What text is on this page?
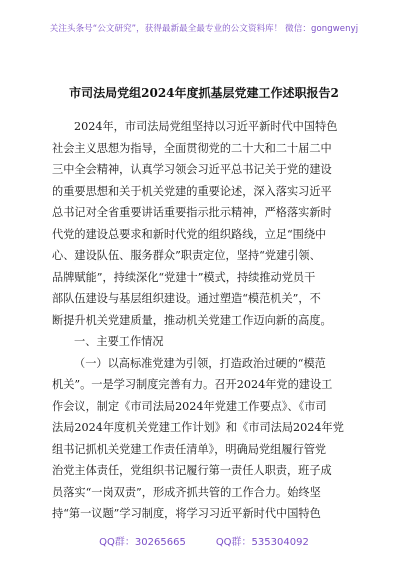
关注头条号“公文研究”，获得最新最全最专业的公文资料库！ 微信：gongwenyj
市司法局党组2024年度抓基层党建工作述职报告2
2024年，市司法局党组坚持以习近平新时代中国特色
社会主义思想为指导，全面贯彻党的二十大和二十届二中
三中全会精神，认真学习领会习近平总书记关于党的建设
的重要思想和关于机关党建的重要论述，深入落实习近平
总书记对全省重要讲话重要指示批示精神，严格落实新时
代党的建设总要求和新时代党的组织路线，立足“围绕中
心、建设队伍、服务群众”职责定位，坚持“党建引领、
品牌赋能”，持续深化“党建十”模式，持续推动党员干
部队伍建设与基层组织建设。通过塑造“模范机关”，不
断提升机关党建质量，推动机关党建工作迈向新的高度。
一、主要工作情况
（一）以高标准党建为引领，打造政治过硬的“模范
机关”。一是学习制度完善有力。召开2024年党的建设工
作会议，制定《市司法局2024年党建工作要点》、《市司
法局2024年度机关党建工作计划》和《市司法局2024年党
组书记抓机关党建工作责任清单》，明确局党组履行管党
治党主体责任，党组织书记履行第一责任人职责，班子成
员落实“一岗双责”，形成齐抓共管的工作合力。始终坚
持“第一议题”学习制度，将学习习近平新时代中国特色
QQ群：30265665	QQ群：535304092
